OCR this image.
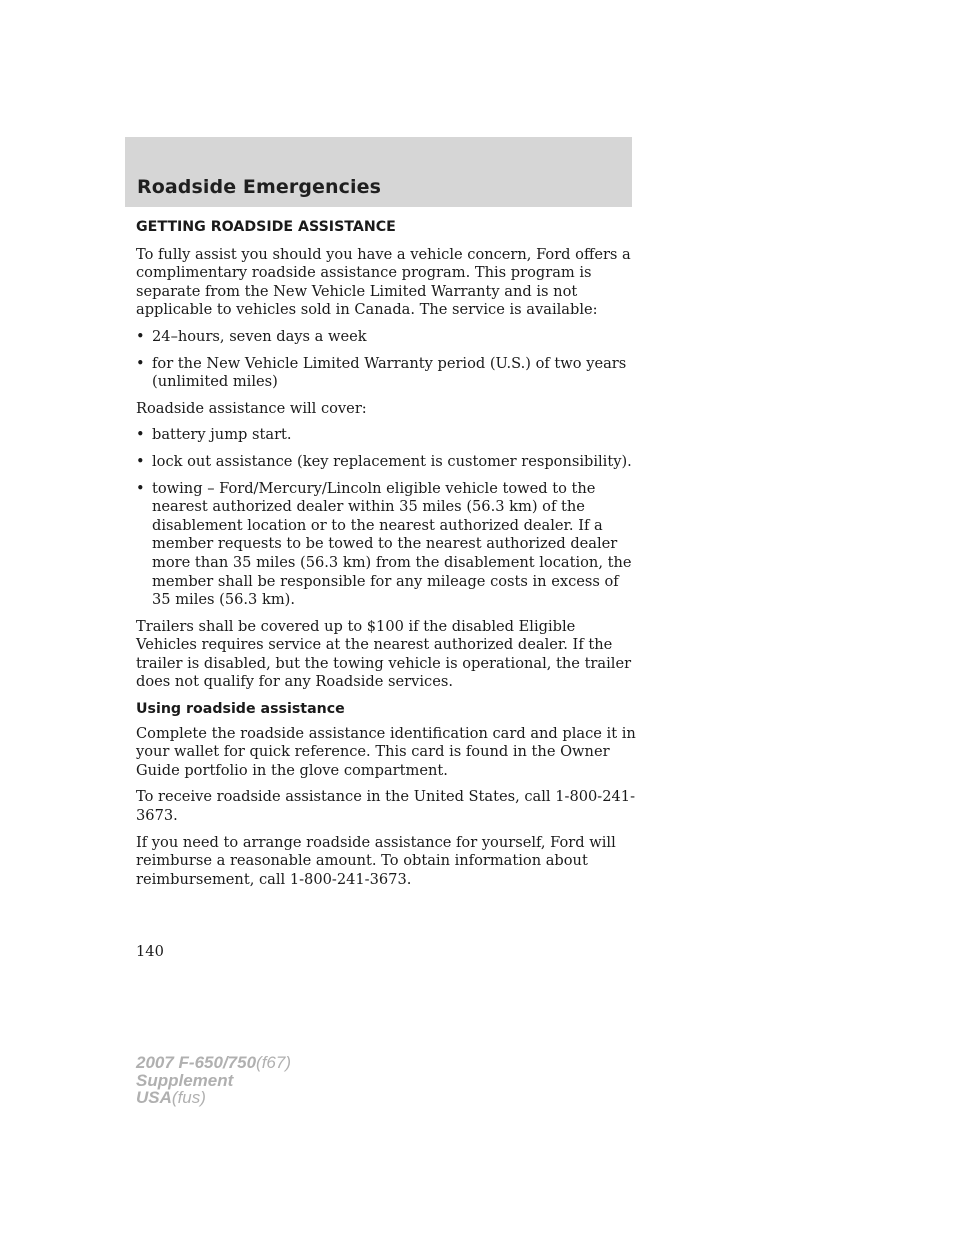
Roadside Emergencies
GETTING ROADSIDE ASSISTANCE

To fully assist you should you have a vehicle concern, Ford offers a complimentary roadside assistance program. This program is separate from the New Vehicle Limited Warranty and is not applicable to vehicles sold in Canada. The service is available:

• 24–hours, seven days a week
• for the New Vehicle Limited Warranty period (U.S.) of two years (unlimited miles)

Roadside assistance will cover:

• battery jump start.
• lock out assistance (key replacement is customer responsibility).
• towing – Ford/Mercury/Lincoln eligible vehicle towed to the nearest authorized dealer within 35 miles (56.3 km) of the disablement location or to the nearest authorized dealer. If a member requests to be towed to the nearest authorized dealer more than 35 miles (56.3 km) from the disablement location, the member shall be responsible for any mileage costs in excess of 35 miles (56.3 km).

Trailers shall be covered up to $100 if the disabled Eligible Vehicles requires service at the nearest authorized dealer. If the trailer is disabled, but the towing vehicle is operational, the trailer does not qualify for any Roadside services.

Using roadside assistance

Complete the roadside assistance identification card and place it in your wallet for quick reference. This card is found in the Owner Guide portfolio in the glove compartment.

To receive roadside assistance in the United States, call 1-800-241-3673.

If you need to arrange roadside assistance for yourself, Ford will reimburse a reasonable amount. To obtain information about reimbursement, call 1-800-241-3673.

140
2007 F-650/750(f67)
Supplement
USA(fus)
